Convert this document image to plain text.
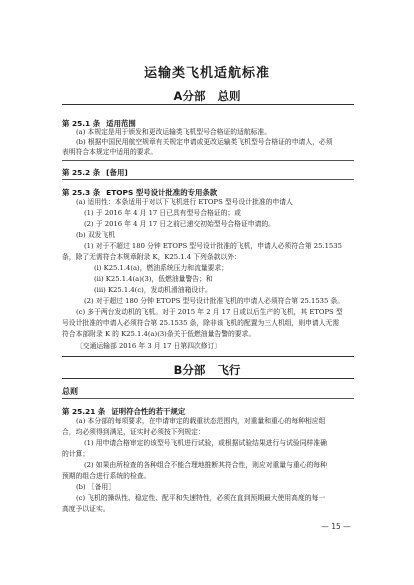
运输类飞机适航标准
A分部 总则
第 25.1 条 适用范围
(a) 本规定是用于颁发和更改运输类飞机型号合格证的适航标准。
(b) 根据中国民用航空规章有关规定申请或更改运输类飞机型号合格证的申请人，必须
表明符合本规定中适用的要求。
第 25.2 条 [备用]
第 25.3 条 ETOPS 型号设计批准的专用条款
(a) 适用性：本条适用于对以下飞机进行 ETOPS 型号设计批准的申请人
(1) 于 2016 年 4 月 17 日已具有型号合格证的；或
(2) 于 2016 年 4 月 17 日之前已递交初始型号合格证申请的。
(b) 双发飞机
(1) 对于不超过 180 分钟 ETOPS 型号设计批准的飞机，申请人必须符合第 25.1535
条，除了无需符合本规章附录 K，K25.1.4 下列条款以外：
(i) K25.1.4(a)，燃油系统压力和流量要求；
(ii) K25.1.4(a)(3)，低燃油量警告；和
(iii) K25.1.4(c)，发动机滑油箱设计。
(2) 对于超过 180 分钟 ETOPS 型号设计批准飞机的申请人必须符合第 25.1535 条。
(c) 多于两台发动机的飞机。对于 2015 年 2 月 17 日或以后生产的飞机，其 ETOPS 型
号设计批准的申请人必须符合第 25.1535 条，除非该飞机的配置为三人机组，则申请人无需
符合本部附录 K 的 K25.1.4(a)(3)条关于低燃油量告警的要求。
〔交通运输部 2016 年 3 月 17 日第四次修订〕
B分部 飞行
总则
第 25.21 条 证明符合性的若干规定
(a) 本分部的每项要求，在申请审定的载重状态范围内，对重量和重心的每种相应组
合，均必须得到满足，证实时必须按下列规定：
(1) 用申请合格审定的该型号飞机进行试验，或根据试验结果进行与试验同样准确
的计算；
(2) 如果由所检查的各种组合不能合理地推断其符合性，则应对重量与重心的每种
预期的组合进行系统的检查。
(b) ［备用］
(c) 飞机的操纵性、稳定性、配平和失速特性，必须在直到预期最大使用高度的每一
高度予以证实。
— 15 —
